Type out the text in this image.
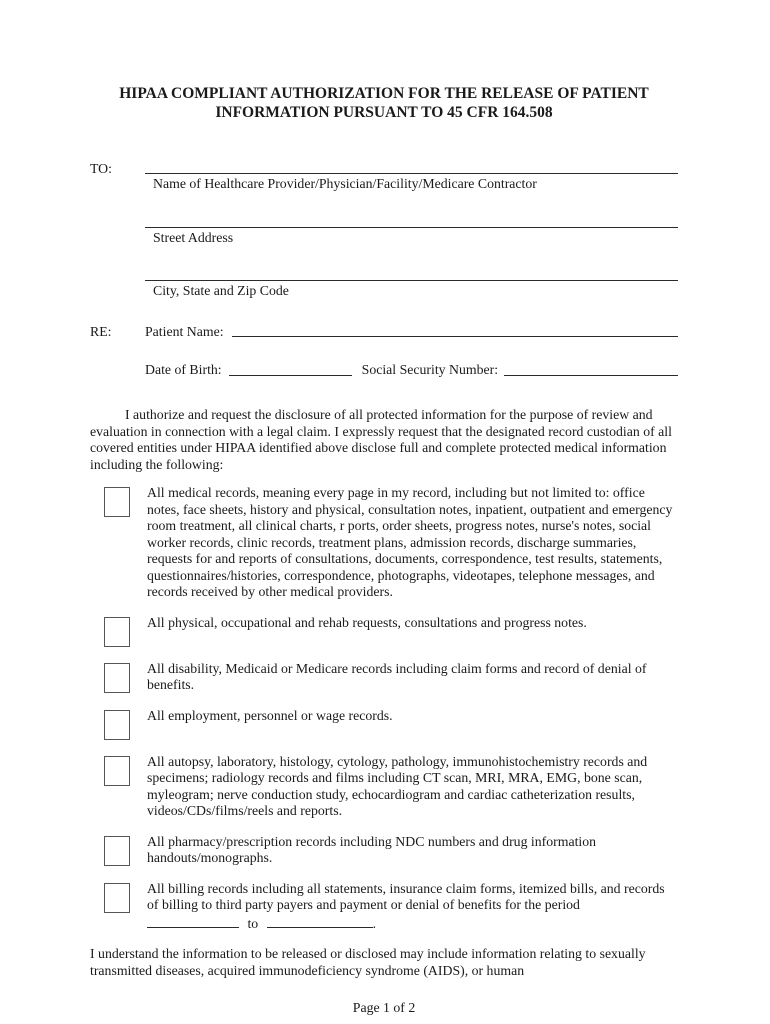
HIPAA COMPLIANT AUTHORIZATION FOR THE RELEASE OF PATIENT
INFORMATION PURSUANT TO 45 CFR 164.508
TO:
Name of Healthcare Provider/Physician/Facility/Medicare Contractor
Street Address
City, State and Zip Code
RE:	Patient Name:
Date of Birth:	Social Security Number:
I authorize and request the disclosure of all protected information for the purpose of review and evaluation in connection with a legal claim. I expressly request that the designated record custodian of all covered entities under HIPAA identified above disclose full and complete protected medical information including the following:
All medical records, meaning every page in my record, including but not limited to: office notes, face sheets, history and physical, consultation notes, inpatient, outpatient and emergency room treatment, all clinical charts, r ports, order sheets, progress notes, nurse's notes, social worker records, clinic records, treatment plans, admission records, discharge summaries, requests for and reports of consultations, documents, correspondence, test results, statements, questionnaires/histories, correspondence, photographs, videotapes, telephone messages, and records received by other medical providers.
All physical, occupational and rehab requests, consultations and progress notes.
All disability, Medicaid or Medicare records including claim forms and record of denial of benefits.
All employment, personnel or wage records.
All autopsy, laboratory, histology, cytology, pathology, immunohistochemistry records and specimens; radiology records and films including CT scan, MRI, MRA, EMG, bone scan, myleogram; nerve conduction study, echocardiogram and cardiac catheterization results, videos/CDs/films/reels and reports.
All pharmacy/prescription records including NDC numbers and drug information handouts/monographs.
All billing records including all statements, insurance claim forms, itemized bills, and records of billing to third party payers and payment or denial of benefits for the period  to	.
I understand the information to be released or disclosed may include information relating to sexually transmitted diseases, acquired immunodeficiency syndrome (AIDS), or human
Page 1 of 2
